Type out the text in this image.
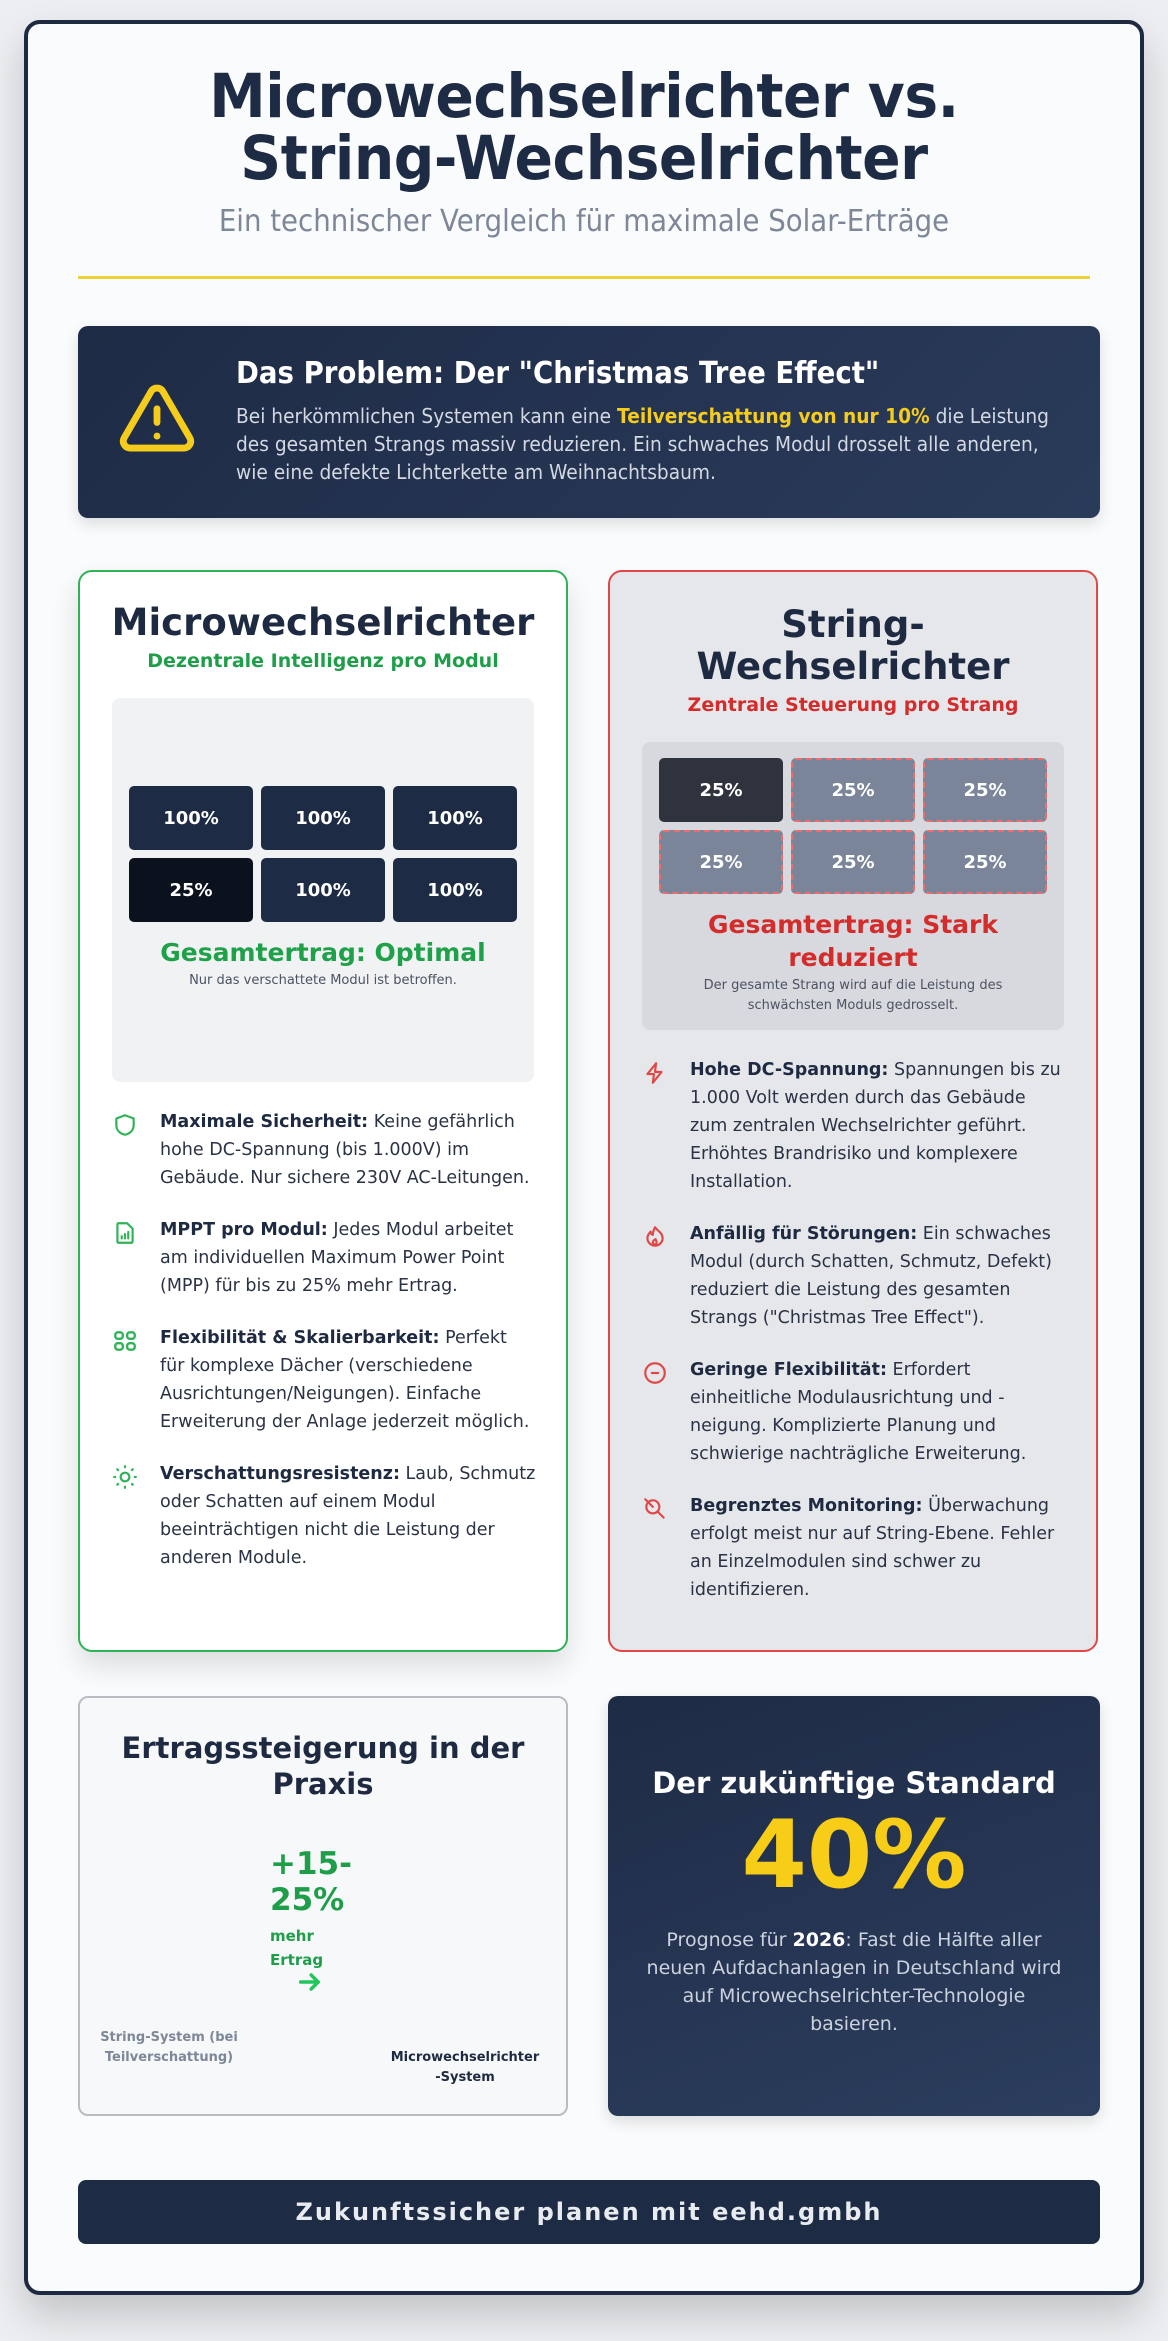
Microwechselrichter vs.
String-Wechselrichter
Ein technischer Vergleich für maximale Solar-Erträge
Das Problem: Der "Christmas Tree Effect"
Bei herkömmlichen Systemen kann eine Teilverschattung von nur 10% die Leistung des gesamten Strangs massiv reduzieren. Ein schwaches Modul drosselt alle anderen, wie eine defekte Lichterkette am Weihnachtsbaum.
Microwechselrichter
Dezentrale Intelligenz pro Modul
100%	100%	100%
25%	100%	100%
Gesamtertrag: Optimal
Nur das verschattete Modul ist betroffen.
Maximale Sicherheit: Keine gefährlich hohe DC-Spannung (bis 1.000V) im Gebäude. Nur sichere 230V AC-Leitungen.
MPPT pro Modul: Jedes Modul arbeitet am individuellen Maximum Power Point (MPP) für bis zu 25% mehr Ertrag.
Flexibilität & Skalierbarkeit: Perfekt für komplexe Dächer (verschiedene Ausrichtungen/Neigungen). Einfache Erweiterung der Anlage jederzeit möglich.
Verschattungsresistenz: Laub, Schmutz oder Schatten auf einem Modul beeinträchtigen nicht die Leistung der anderen Module.
String-
Wechselrichter
Zentrale Steuerung pro Strang
25%	25%	25%
25%	25%	25%
Gesamtertrag: Stark reduziert
Der gesamte Strang wird auf die Leistung des schwächsten Moduls gedrosselt.
Hohe DC-Spannung: Spannungen bis zu 1.000 Volt werden durch das Gebäude zum zentralen Wechselrichter geführt. Erhöhtes Brandrisiko und komplexere Installation.
Anfällig für Störungen: Ein schwaches Modul (durch Schatten, Schmutz, Defekt) reduziert die Leistung des gesamten Strangs ("Christmas Tree Effect").
Geringe Flexibilität: Erfordert einheitliche Modulausrichtung und -neigung. Komplizierte Planung und schwierige nachträgliche Erweiterung.
Begrenztes Monitoring: Überwachung erfolgt meist nur auf String-Ebene. Fehler an Einzelmodulen sind schwer zu identifizieren.
Ertragssteigerung in der
Praxis
+15-25%
mehr Ertrag
String-System (bei Teilverschattung)	Microwechselrichter
-System
Der zukünftige Standard
40%
Prognose für 2026: Fast die Hälfte aller neuen Aufdachanlagen in Deutschland wird auf Microwechselrichter-Technologie basieren.
Zukunftssicher planen mit eehd.gmbh
